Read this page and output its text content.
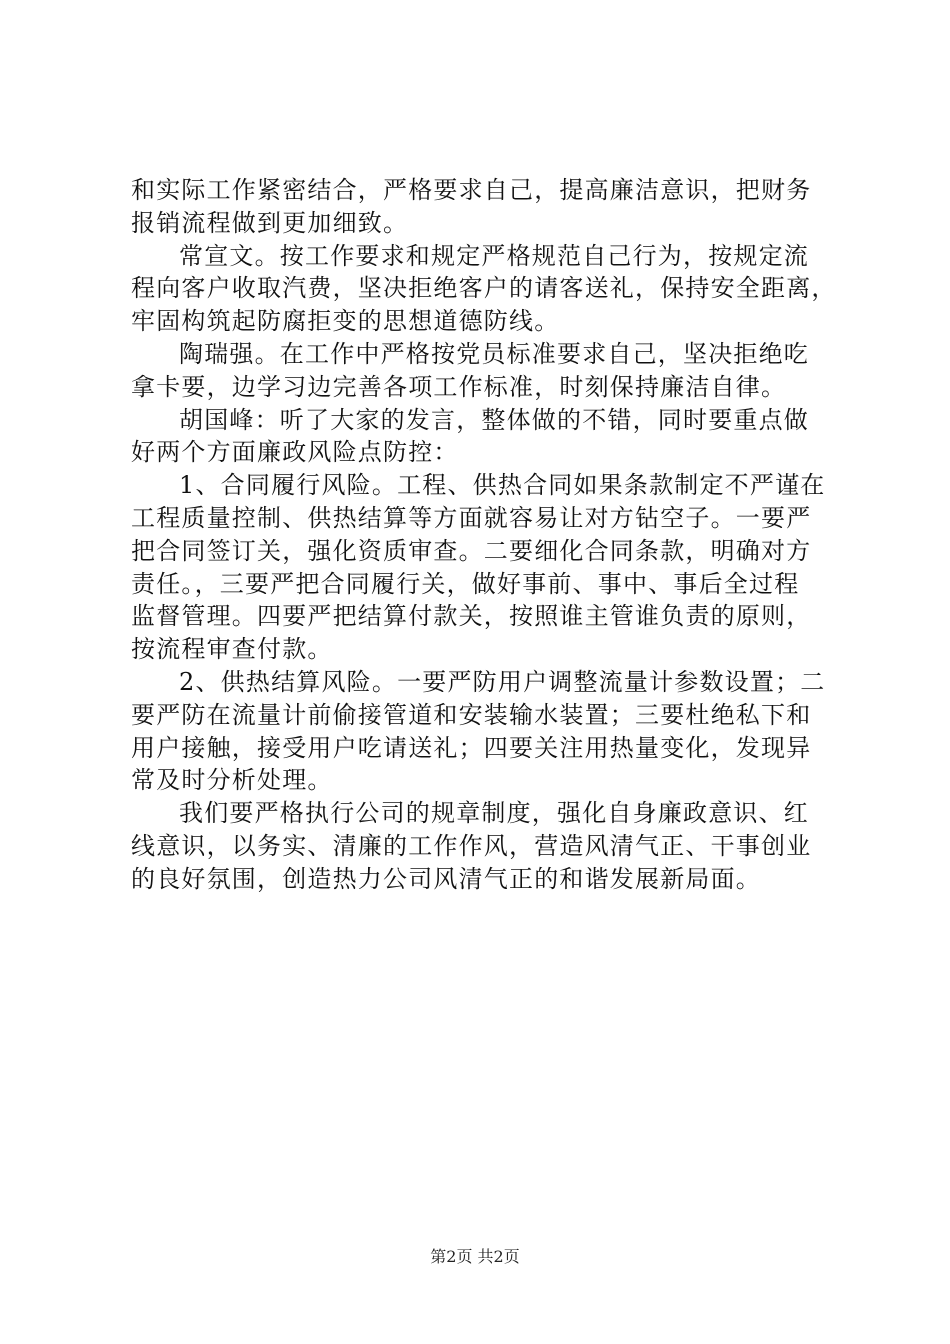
和实际工作紧密结合，严格要求自己，提高廉洁意识，把财务
报销流程做到更加细致。
常宣文。按工作要求和规定严格规范自己行为，按规定流
程向客户收取汽费，坚决拒绝客户的请客送礼，保持安全距离，
牢固构筑起防腐拒变的思想道德防线。
陶瑞强。在工作中严格按党员标准要求自己，坚决拒绝吃
拿卡要，边学习边完善各项工作标准，时刻保持廉洁自律。
胡国峰：听了大家的发言，整体做的不错，同时要重点做
好两个方面廉政风险点防控：
1、合同履行风险。工程、供热合同如果条款制定不严谨在
工程质量控制、供热结算等方面就容易让对方钻空子。一要严
把合同签订关，强化资质审查。二要细化合同条款，明确对方
责任。，三要严把合同履行关，做好事前、事中、事后全过程
监督管理。四要严把结算付款关，按照谁主管谁负责的原则，
按流程审查付款。
2、供热结算风险。一要严防用户调整流量计参数设置；二
要严防在流量计前偷接管道和安装输水装置；三要杜绝私下和
用户接触，接受用户吃请送礼；四要关注用热量变化，发现异
常及时分析处理。
我们要严格执行公司的规章制度，强化自身廉政意识、红
线意识，以务实、清廉的工作作风，营造风清气正、干事创业
的良好氛围，创造热力公司风清气正的和谐发展新局面。
第2页 共2页
